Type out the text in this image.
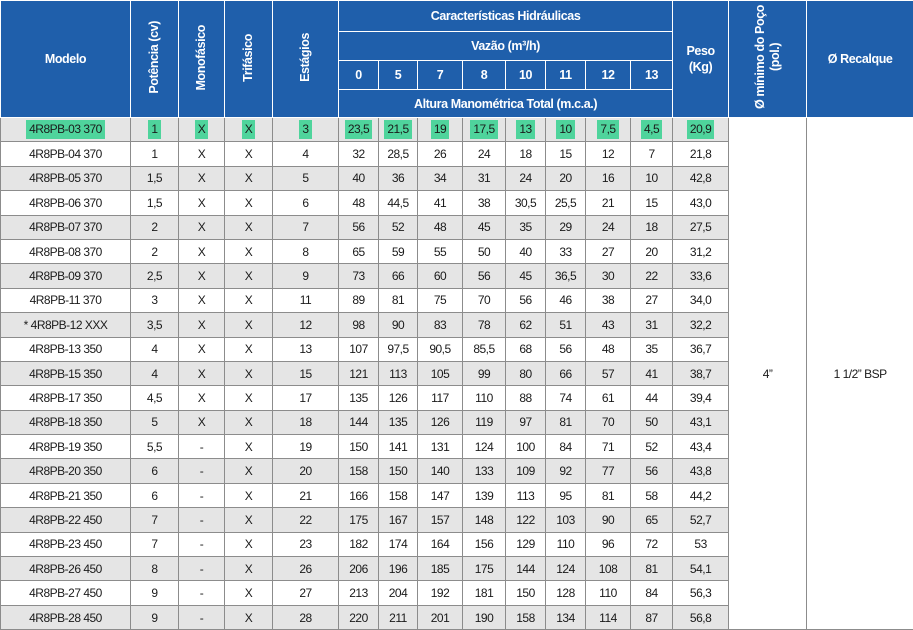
Modelo	Potência (cv)	Monofásico	Trifásico	Estágios	Características Hidráulicas								Peso
(Kg)	Ø mínimo do Poço (pol.)	Ø Recalque
					Vazão (m³/h)										
					0	5	7	8	10	11	12	13			
					Altura Manométrica Total (m.c.a.)										
4R8PB-03 370	1	X	X	3	23,5	21,5	19	17,5	13	10	7,5	4,5	20,9	4”	1 1/2” BSP
4R8PB-04 370	1	X	X	4	32	28,5	26	24	18	15	12	7	21,8		
4R8PB-05 370	1,5	X	X	5	40	36	34	31	24	20	16	10	42,8		
4R8PB-06 370	1,5	X	X	6	48	44,5	41	38	30,5	25,5	21	15	43,0		
4R8PB-07 370	2	X	X	7	56	52	48	45	35	29	24	18	27,5		
4R8PB-08 370	2	X	X	8	65	59	55	50	40	33	27	20	31,2		
4R8PB-09 370	2,5	X	X	9	73	66	60	56	45	36,5	30	22	33,6		
4R8PB-11 370	3	X	X	11	89	81	75	70	56	46	38	27	34,0		
* 4R8PB-12 XXX	3,5	X	X	12	98	90	83	78	62	51	43	31	32,2		
4R8PB-13 350	4	X	X	13	107	97,5	90,5	85,5	68	56	48	35	36,7		
4R8PB-15 350	4	X	X	15	121	113	105	99	80	66	57	41	38,7		
4R8PB-17 350	4,5	X	X	17	135	126	117	110	88	74	61	44	39,4		
4R8PB-18 350	5	X	X	18	144	135	126	119	97	81	70	50	43,1		
4R8PB-19 350	5,5	-	X	19	150	141	131	124	100	84	71	52	43,4		
4R8PB-20 350	6	-	X	20	158	150	140	133	109	92	77	56	43,8		
4R8PB-21 350	6	-	X	21	166	158	147	139	113	95	81	58	44,2		
4R8PB-22 450	7	-	X	22	175	167	157	148	122	103	90	65	52,7		
4R8PB-23 450	7	-	X	23	182	174	164	156	129	110	96	72	53		
4R8PB-26 450	8	-	X	26	206	196	185	175	144	124	108	81	54,1		
4R8PB-27 450	9	-	X	27	213	204	192	181	150	128	110	84	56,3		
4R8PB-28 450	9	-	X	28	220	211	201	190	158	134	114	87	56,8		
